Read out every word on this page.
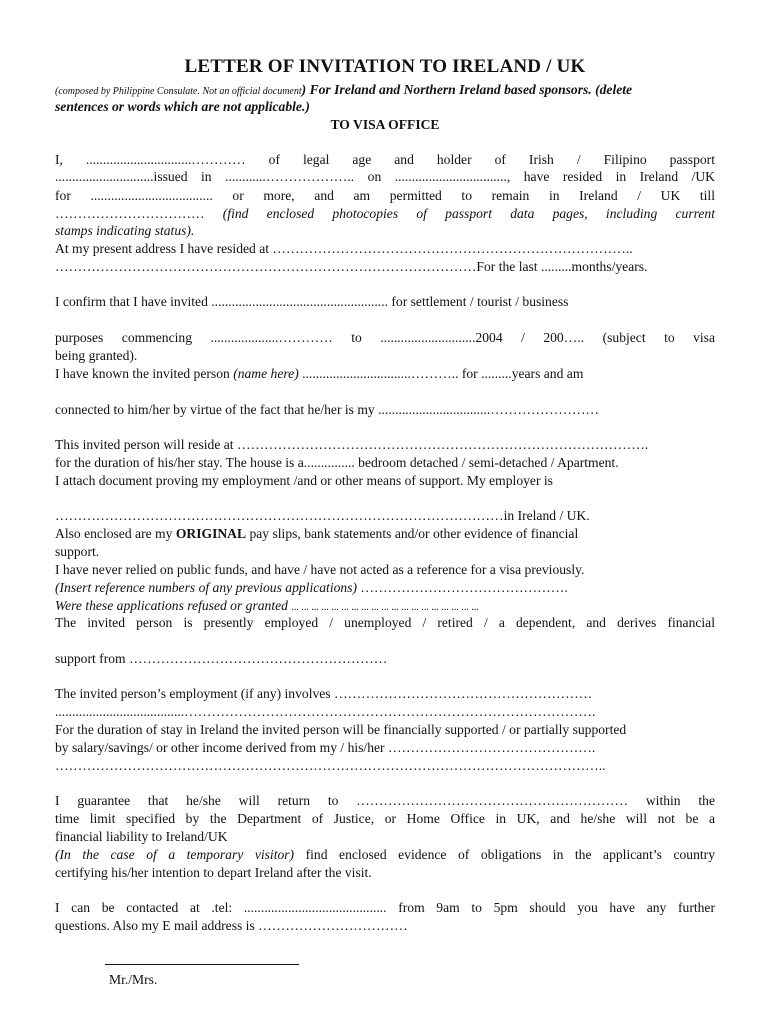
LETTER OF INVITATION TO IRELAND / UK
(composed by Philippine Consulate. Not an official document) For Ireland and Northern Ireland based sponsors. (delete
sentences or words which are not applicable.)
TO VISA OFFICE
I, ...............................………… of legal age and holder of Irish / Filipino passport
.............................issued in ............……………….. on ................................., have resided in Ireland /UK
for .................................... or more, and am permitted to remain in Ireland / UK till
…………………………… (find enclosed photocopies of passport data pages, including current
stamps indicating status).
At my present address I have resided at ……………………………………………………………………..
…………………………………………………………………………………For the last .........months/years.
I confirm that I have invited .................................................... for settlement / tourist / business
purposes commencing ....................………… to ............................2004 / 200….. (subject to visa
being granted).
I have known the invited person (name here) ................................……….. for .........years and am
connected to him/her by virtue of the fact that he/her is my .................................……………………
This invited person will reside at ……………………………………………………………………………….
for the duration of his/her stay. The house is a............... bedroom detached / semi-detached / Apartment.
I attach document proving my employment /and or other means of support. My employer is
………………………………………………………………………………………in Ireland / UK.
Also enclosed are my ORIGINAL pay slips, bank statements and/or other evidence of financial
support.
I have never relied on public funds, and have / have not acted as a reference for a visa previously.
(Insert reference numbers of any previous applications) ……………………………………….
Were these applications refused or granted ... ... ... ... ... ... ... ... ... ... ... ... ... ... ... ... ... ... ...
The invited person is presently employed / unemployed / retired / a dependent, and derives financial
support from …………………………………………………
The invited person’s employment (if any) involves …………………………………………………
......................................……………………………………………………………………………….
For the duration of stay in Ireland the invited person will be financially supported / or partially supported
by salary/savings/ or other income derived from my / his/her ……………………………………….
…………………………………………………………………………………………………………..
I guarantee that he/she will return to …………………………………………………… within the
time limit specified by the Department of Justice, or Home Office in UK, and he/she will not be a
financial liability to Ireland/UK
(In the case of a temporary visitor) find enclosed evidence of obligations in the applicant’s country
certifying his/her intention to depart Ireland after the visit.
I can be contacted at .tel: .......................................... from 9am to 5pm should you have any further
questions. Also my E mail address is ……………………………
Mr./Mrs.
